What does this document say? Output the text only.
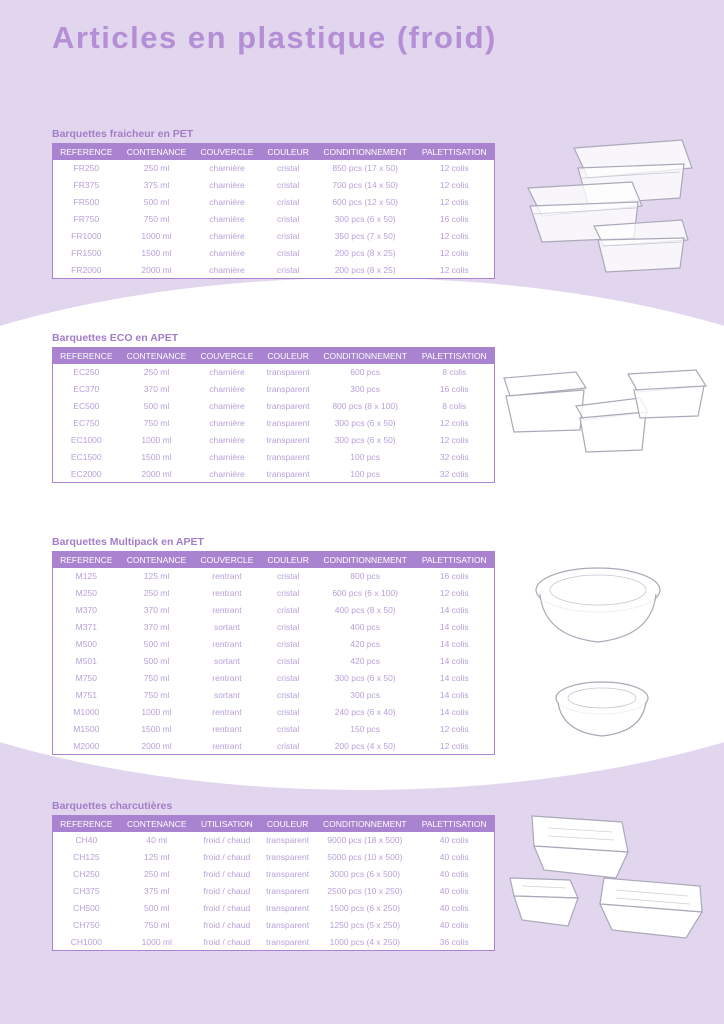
Articles en plastique (froid)
Barquettes fraicheur en PET
REFERENCE	CONTENANCE	COUVERCLE	COULEUR	CONDITIONNEMENT	PALETTISATION
FR250	250 ml	charnière	cristal	850 pcs (17 x 50)	12 colis
FR375	375 ml	charnière	cristal	700 pcs (14 x 50)	12 colis
FR500	500 ml	charnière	cristal	600 pcs (12 x 50)	12 colis
FR750	750 ml	charnière	cristal	300 pcs (6 x 50)	16 colis
FR1000	1000 ml	charnière	cristal	350 pcs (7 x 50)	12 colis
FR1500	1500 ml	charnière	cristal	200 pcs (8 x 25)	12 colis
FR2000	2000 ml	charnière	cristal	200 pcs (8 x 25)	12 colis
Barquettes ECO en APET
REFERENCE	CONTENANCE	COUVERCLE	COULEUR	CONDITIONNEMENT	PALETTISATION
EC250	250 ml	charnière	transparent	600 pcs	8 colis
EC370	370 ml	charnière	transparent	300 pcs	16 colis
EC500	500 ml	charnière	transparent	800 pcs (8 x 100)	8 colis
EC750	750 ml	charnière	transparent	300 pcs (6 x 50)	12 colis
EC1000	1000 ml	charnière	transparent	300 pcs (6 x 50)	12 colis
EC1500	1500 ml	charnière	transparent	100 pcs	32 colis
EC2000	2000 ml	charnière	transparent	100 pcs	32 colis
Barquettes Multipack en APET
REFERENCE	CONTENANCE	COUVERCLE	COULEUR	CONDITIONNEMENT	PALETTISATION
M125	125 ml	rentrant	cristal	800 pcs	16 colis
M250	250 ml	rentrant	cristal	600 pcs (6 x 100)	12 colis
M370	370 ml	rentrant	cristal	400 pcs (8 x 50)	14 colis
M371	370 ml	sortant	cristal	400 pcs	14 colis
M500	500 ml	rentrant	cristal	420 pcs	14 colis
M501	500 ml	sortant	cristal	420 pcs	14 colis
M750	750 ml	rentrant	cristal	300 pcs (6 x 50)	14 colis
M751	750 ml	sortant	cristal	300 pcs	14 colis
M1000	1000 ml	rentrant	cristal	240 pcs (6 x 40)	14 colis
M1500	1500 ml	rentrant	cristal	150 pcs	12 colis
M2000	2000 ml	rentrant	cristal	200 pcs (4 x 50)	12 colis
Barquettes charcutières
REFERENCE	CONTENANCE	UTILISATION	COULEUR	CONDITIONNEMENT	PALETTISATION
CH40	40 ml	froid / chaud	transparent	9000 pcs (18 x 500)	40 colis
CH125	125 ml	froid / chaud	transparent	5000 pcs (10 x 500)	40 colis
CH250	250 ml	froid / chaud	transparent	3000 pcs (6 x 500)	40 colis
CH375	375 ml	froid / chaud	transparent	2500 pcs (10 x 250)	40 colis
CH500	500 ml	froid / chaud	transparent	1500 pcs (6 x 250)	40 colis
CH750	750 ml	froid / chaud	transparent	1250 pcs (5 x 250)	40 colis
CH1000	1000 ml	froid / chaud	transparent	1000 pcs (4 x 250)	36 colis
